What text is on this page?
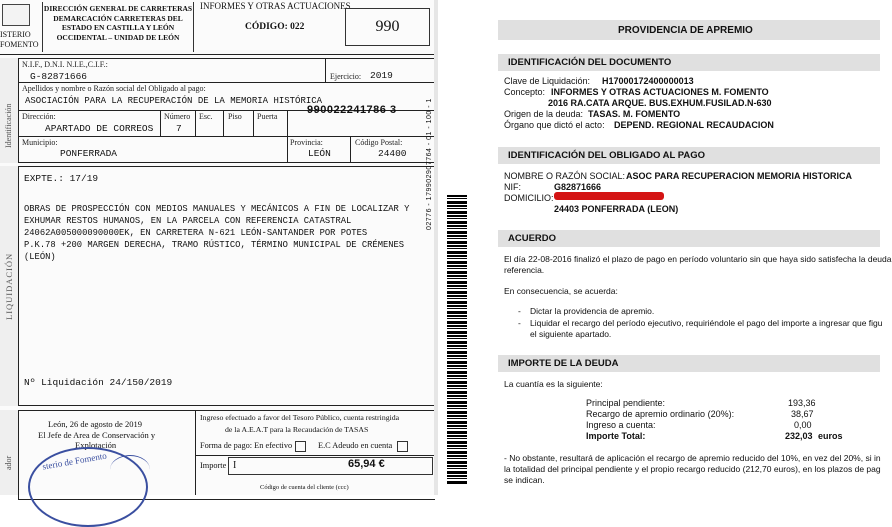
ISTERIO
FOMENTO
DIRECCIÓN GENERAL DE CARRETERAS DEMARCACIÓN CARRETERAS DEL ESTADO EN CASTILLA Y LEÓN OCCIDENTAL – UNIDAD DE LEÓN
INFORMES Y OTRAS ACTUACIONES
CÓDIGO: 022	990
Identificación
N.I.F., D.N.I. N.I.E.,C.I.F.:
G-82871666	Ejercicio: 2019
Apellidos y nombre o Razón social del Obligado al pago:
ASOCIACIÓN PARA LA RECUPERACIÓN DE LA MEMORIA HISTÓRICA
990022241786 3
Dirección:
APARTADO DE CORREOS
Número
7
Esc. Piso Puerta
Municipio:
PONFERRADA
Provincia:
LEÓN
Código Postal:
24400
LIQUIDACIÓN
EXPTE.: 17/19
OBRAS DE PROSPECCIÓN CON MEDIOS MANUALES Y MECÁNICOS A FIN DE LOCALIZAR Y
EXHUMAR RESTOS HUMANOS, EN LA PARCELA CON REFERENCIA CATASTRAL
24062A005000090000EK, EN CARRETERA N-621 LEÓN-SANTANDER POR POTES
P.K.78 +200 MARGEN DERECHA, TRAMO RÚSTICO, TÉRMINO MUNICIPAL DE CRÉMENES
(LEÓN)
Nº Liquidación 24/150/2019
ador
León, 26 de agosto de 2019
El Jefe de Area de Conservación y
Explotación
sterio de Fomento
Ingreso efectuado a favor del Tesoro Público, cuenta restringida
de la A.E.A.T para la Recaudación de TASAS
Forma de pago: En efectivo	E.C Adeudo en cuenta
Importe I	65,94 €
Código de cuenta del cliente (ccc)
02776 - 179902907764 - 01 - 100 - 1
PROVIDENCIA DE APREMIO
IDENTIFICACIÓN DEL DOCUMENTO
Clave de Liquidación: H17000172400000013
Concepto: INFORMES Y OTRAS ACTUACIONES M. FOMENTO
2016 RA.CATA ARQUE. BUS.EXHUM.FUSILAD.N-630
Origen de la deuda: TASAS. M. FOMENTO
Órgano que dictó el acto: DEPEND. REGIONAL RECAUDACION
IDENTIFICACIÓN DEL OBLIGADO AL PAGO
NOMBRE O RAZÓN SOCIAL: ASOC PARA RECUPERACION MEMORIA HISTORICA
NIF:	G82871666
DOMICILIO:
24403 PONFERRADA (LEON)
ACUERDO
El día 22-08-2016 finalizó el plazo de pago en período voluntario sin que haya sido satisfecha la deuda
referencia.
En consecuencia, se acuerda:
- Dictar la providencia de apremio.
- Liquidar el recargo del período ejecutivo, requiriéndole el pago del importe a ingresar que figu
el siguiente apartado.
IMPORTE DE LA DEUDA
La cuantía es la siguiente:
Principal pendiente:	193,36
Recargo de apremio ordinario (20%):	38,67
Ingreso a cuenta:	0,00
Importe Total:	232,03 euros
- No obstante, resultará de aplicación el recargo de apremio reducido del 10%, en vez del 20%, si in
la totalidad del principal pendiente y el propio recargo reducido (212,70 euros), en los plazos de pag
se indican.
